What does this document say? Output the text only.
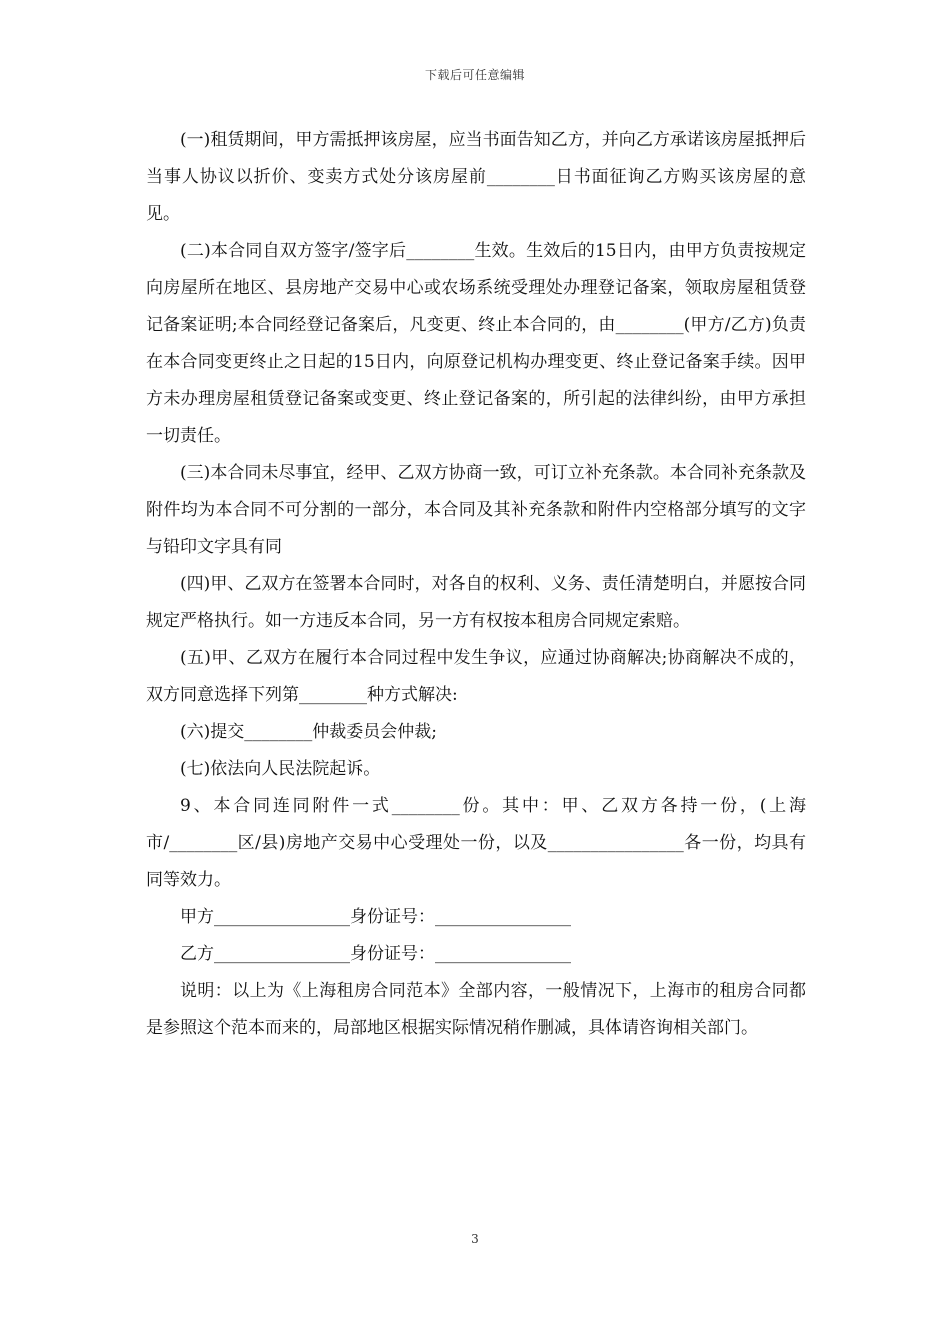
下载后可任意编辑

(一)租赁期间，甲方需抵押该房屋，应当书面告知乙方，并向乙方承诺该房屋抵押后当事人协议以折价、变卖方式处分该房屋前________日书面征询乙方购买该房屋的意见。

(二)本合同自双方签字/签字后________生效。生效后的15日内，由甲方负责按规定向房屋所在地区、县房地产交易中心或农场系统受理处办理登记备案，领取房屋租赁登记备案证明;本合同经登记备案后，凡变更、终止本合同的，由________(甲方/乙方)负责在本合同变更终止之日起的15日内，向原登记机构办理变更、终止登记备案手续。因甲方未办理房屋租赁登记备案或变更、终止登记备案的，所引起的法律纠纷，由甲方承担一切责任。

(三)本合同未尽事宜，经甲、乙双方协商一致，可订立补充条款。本合同补充条款及附件均为本合同不可分割的一部分，本合同及其补充条款和附件内空格部分填写的文字与铅印文字具有同

(四)甲、乙双方在签署本合同时，对各自的权利、义务、责任清楚明白，并愿按合同规定严格执行。如一方违反本合同，另一方有权按本租房合同规定索赔。

(五)甲、乙双方在履行本合同过程中发生争议，应通过协商解决;协商解决不成的，双方同意选择下列第________种方式解决:

(六)提交________仲裁委员会仲裁;

(七)依法向人民法院起诉。

9、本合同连同附件一式________份。其中：甲、乙双方各持一份，(上海市/________区/县)房地产交易中心受理处一份，以及________________各一份，均具有同等效力。

甲方________________身份证号：________________

乙方________________身份证号：________________

说明：以上为《上海租房合同范本》全部内容，一般情况下，上海市的租房合同都是参照这个范本而来的，局部地区根据实际情况稍作删减，具体请咨询相关部门。

3
